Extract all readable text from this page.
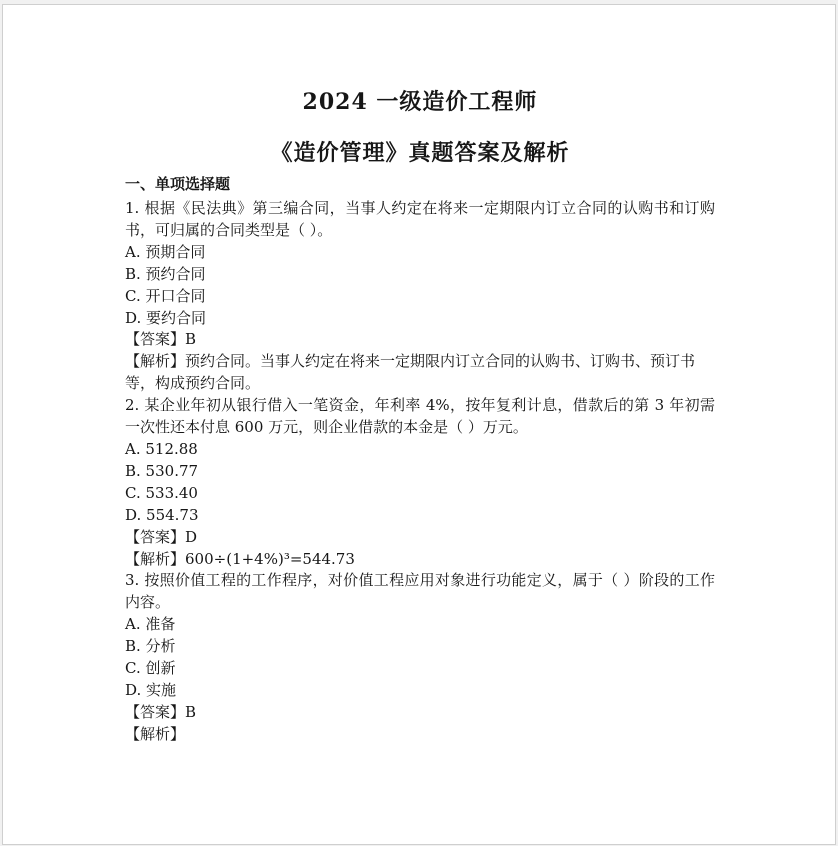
2024 一级造价工程师
《造价管理》真题答案及解析
一、单项选择题

1. 根据《民法典》第三编合同，当事人约定在将来一定期限内订立合同的认购书和订购书，可归属的合同类型是（ ）。

A. 预期合同
B. 预约合同
C. 开口合同
D. 要约合同
【答案】B

【解析】预约合同。当事人约定在将来一定期限内订立合同的认购书、订购书、预订书等，构成预约合同。

2. 某企业年初从银行借入一笔资金，年利率 4%，按年复利计息，借款后的第 3 年初需一次性还本付息 600 万元，则企业借款的本金是（ ）万元。

A. 512.88
B. 530.77
C. 533.40
D. 554.73
【答案】D

【解析】600÷(1+4%)³=544.73

3. 按照价值工程的工作程序，对价值工程应用对象进行功能定义，属于（ ）阶段的工作内容。

A. 准备
B. 分析
C. 创新
D. 实施
【答案】B

【解析】
